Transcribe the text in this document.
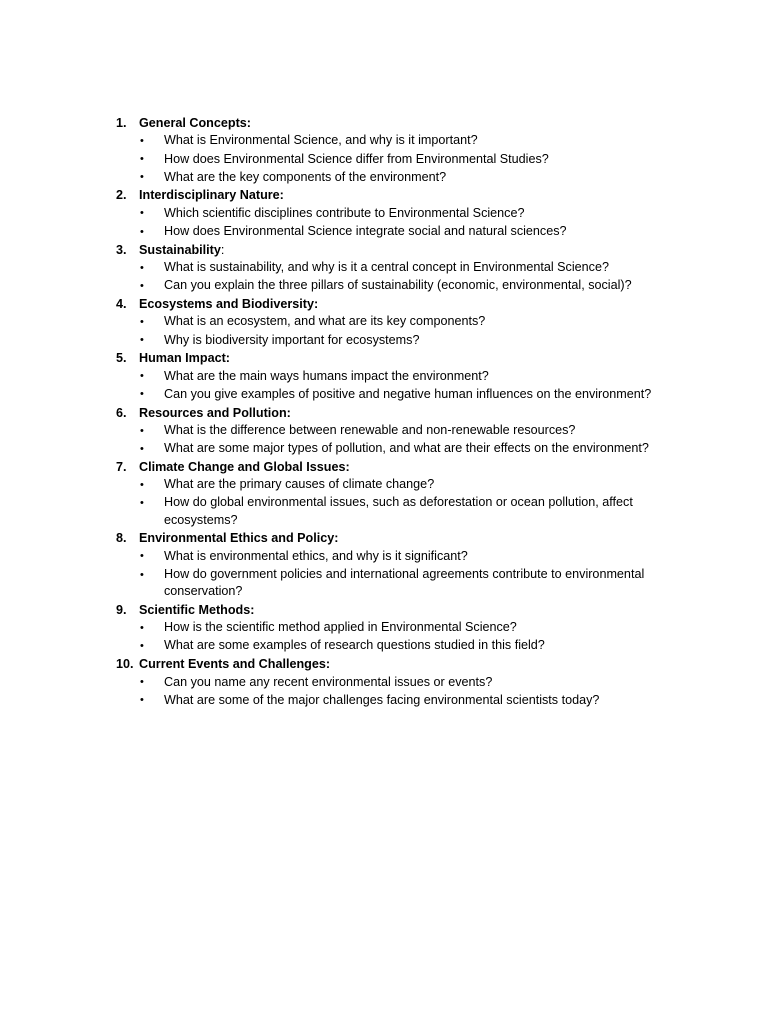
1. General Concepts:
•	What is Environmental Science, and why is it important?
•	How does Environmental Science differ from Environmental Studies?
•	What are the key components of the environment?
2. Interdisciplinary Nature:
•	Which scientific disciplines contribute to Environmental Science?
•	How does Environmental Science integrate social and natural sciences?
3. Sustainability:
•	What is sustainability, and why is it a central concept in Environmental Science?
•	Can you explain the three pillars of sustainability (economic, environmental, social)?
4. Ecosystems and Biodiversity:
•	What is an ecosystem, and what are its key components?
•	Why is biodiversity important for ecosystems?
5. Human Impact:
•	What are the main ways humans impact the environment?
•	Can you give examples of positive and negative human influences on the environment?
6. Resources and Pollution:
•	What is the difference between renewable and non-renewable resources?
•	What are some major types of pollution, and what are their effects on the environment?
7. Climate Change and Global Issues:
•	What are the primary causes of climate change?
•	How do global environmental issues, such as deforestation or ocean pollution, affect ecosystems?
8. Environmental Ethics and Policy:
•	What is environmental ethics, and why is it significant?
•	How do government policies and international agreements contribute to environmental conservation?
9. Scientific Methods:
•	How is the scientific method applied in Environmental Science?
•	What are some examples of research questions studied in this field?
10. Current Events and Challenges:
•	Can you name any recent environmental issues or events?
•	What are some of the major challenges facing environmental scientists today?
